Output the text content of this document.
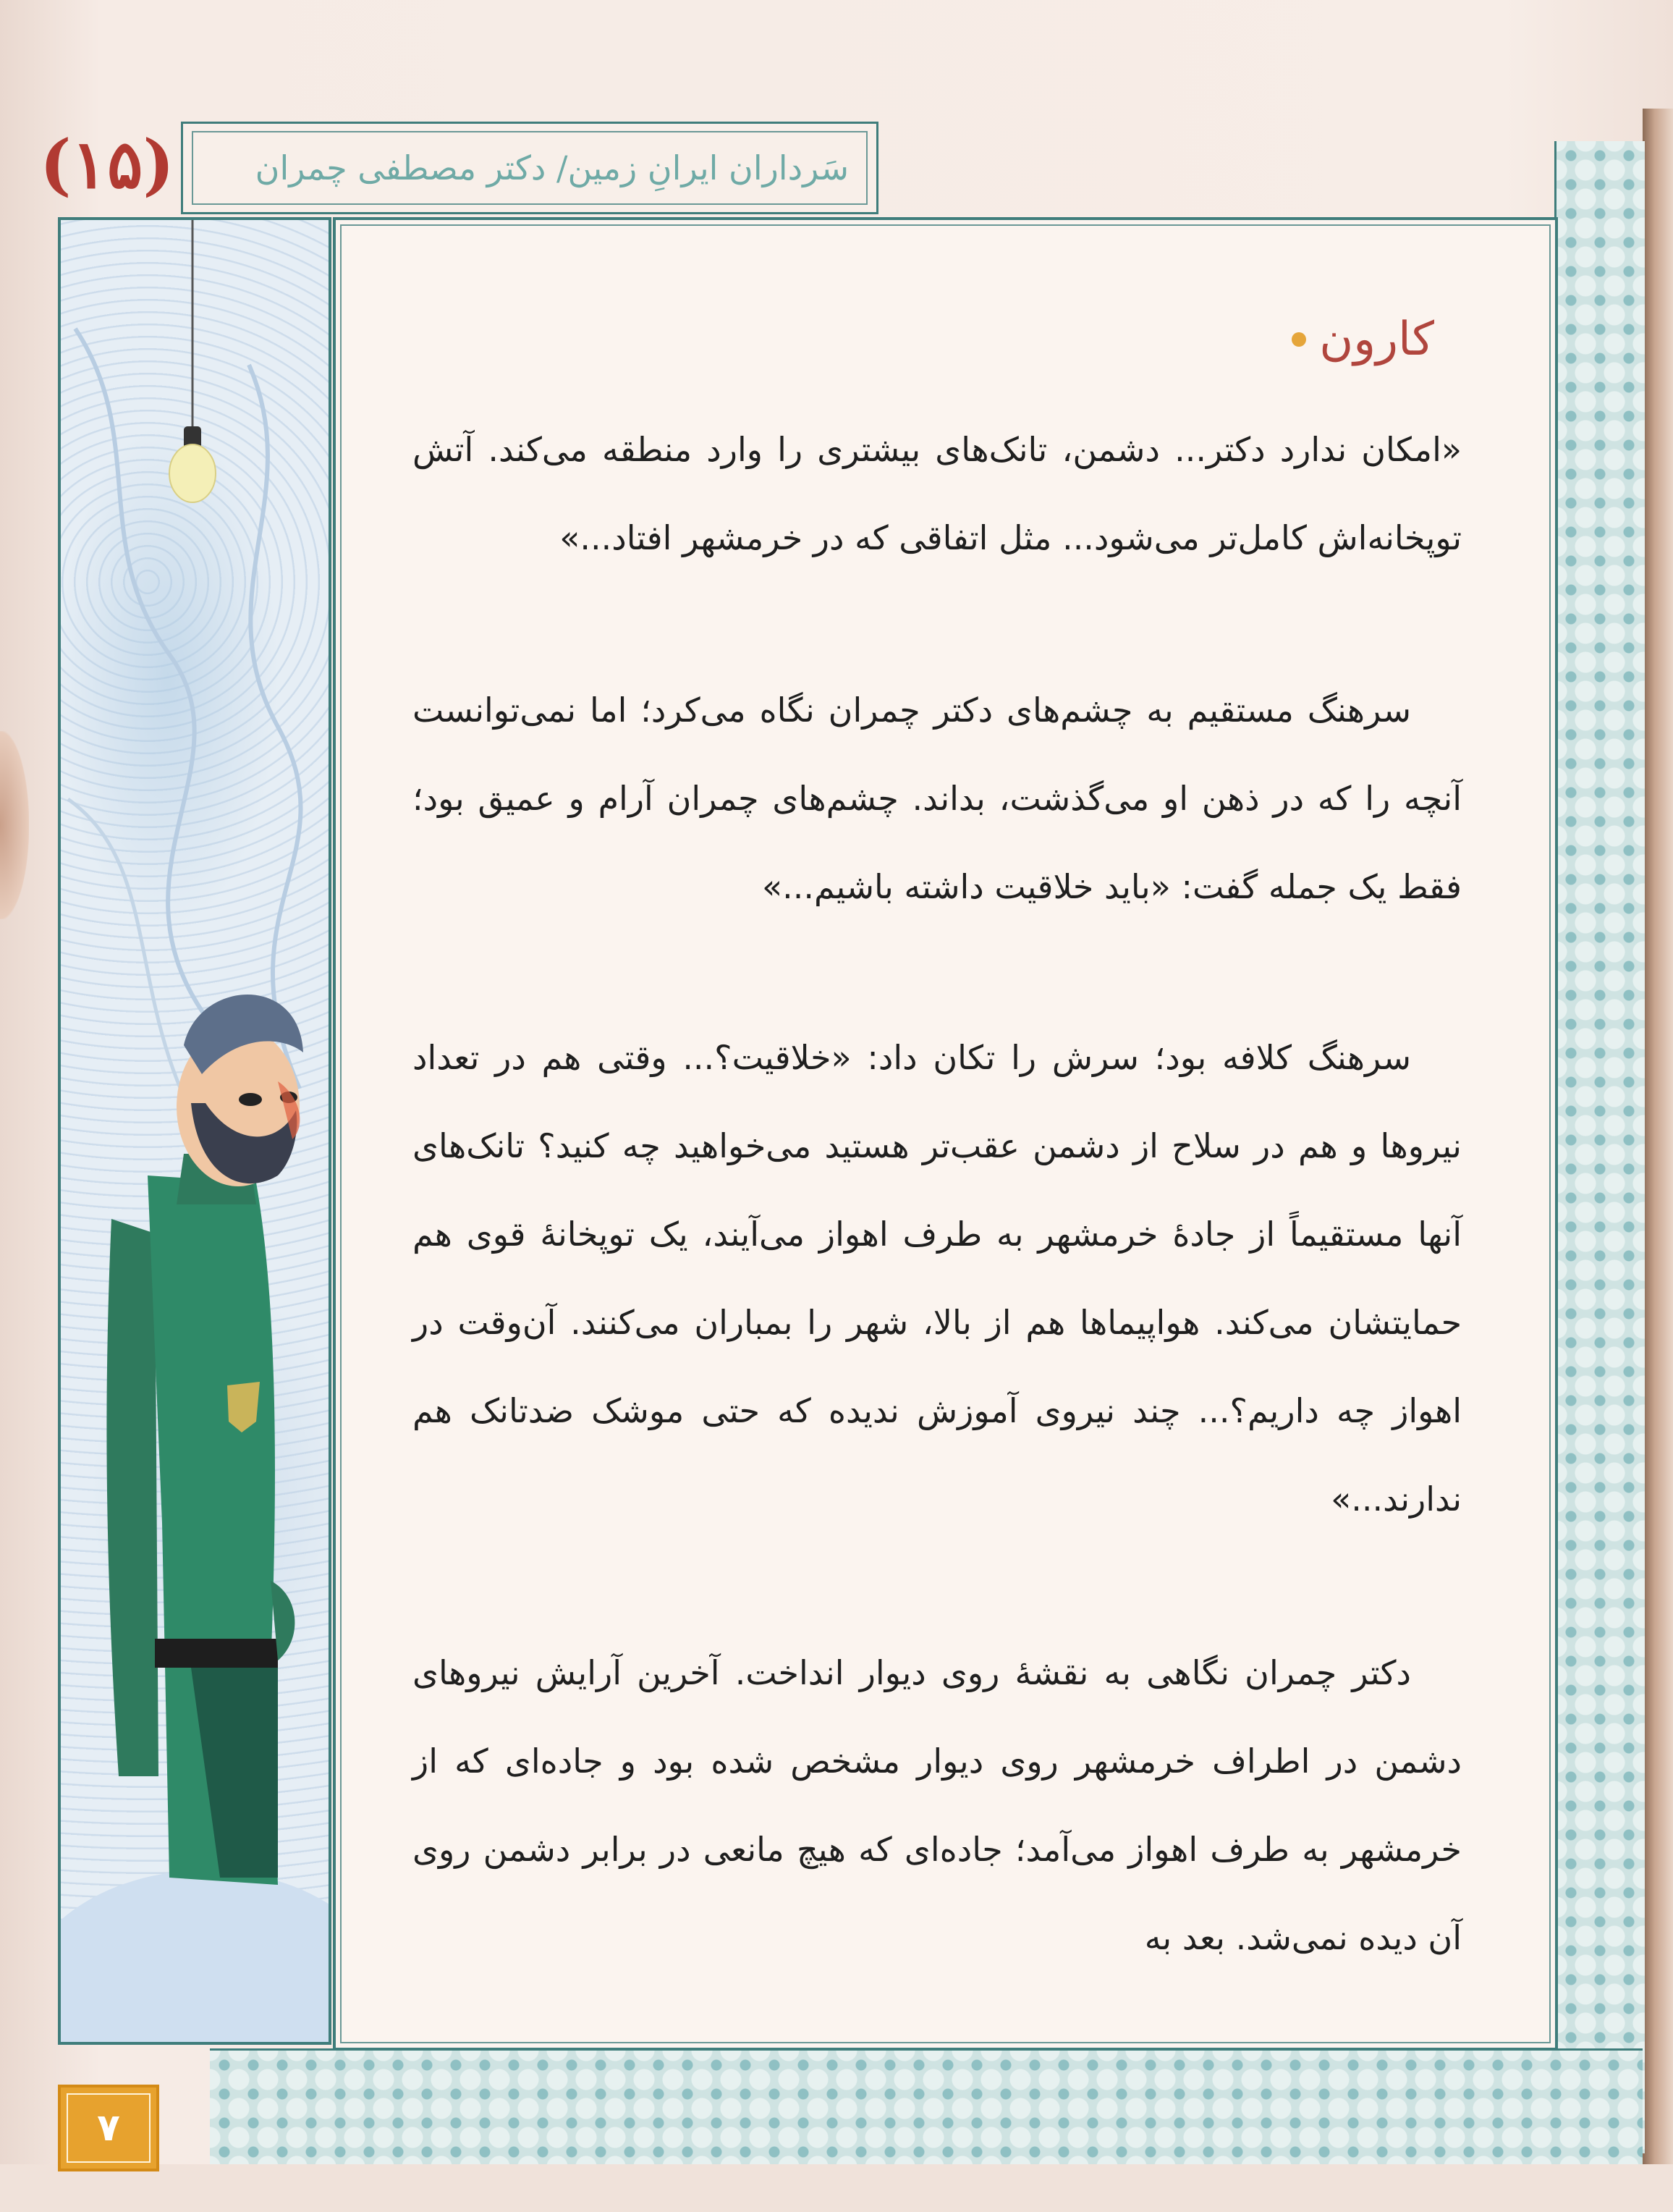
(۱۵) سَرداران ایرانِ زمین/ دکتر مصطفی چمران
کارون

«امکان ندارد دکتر... دشمن، تانک‌های بیشتری را وارد منطقه می‌کند. آتش توپخانه‌اش کامل‌تر می‌شود... مثل اتفاقی که در خرمشهر افتاد...»

سرهنگ مستقیم به چشم‌های دکتر چمران نگاه می‌کرد؛ اما نمی‌توانست آنچه را که در ذهن او می‌گذشت، بداند. چشم‌های چمران آرام و عمیق بود؛ فقط یک جمله گفت: «باید خلاقیت داشته باشیم...»

سرهنگ کلافه بود؛ سرش را تکان داد: «خلاقیت؟... وقتی هم در تعداد نیروها و هم در سلاح از دشمن عقب‌تر هستید می‌خواهید چه کنید؟ تانک‌های آنها مستقیماً از جادهٔ خرمشهر به طرف اهواز می‌آیند، یک توپخانهٔ قوی هم حمایتشان می‌کند. هواپیماها هم از بالا، شهر را بمباران می‌کنند. آن‌وقت در اهواز چه داریم؟... چند نیروی آموزش ندیده که حتی موشک ضدتانک هم ندارند...»

دکتر چمران نگاهی به نقشهٔ روی دیوار انداخت. آخرین آرایش نیروهای دشمن در اطراف خرمشهر روی دیوار مشخص شده بود و جاده‌ای که از خرمشهر به طرف اهواز می‌آمد؛ جاده‌ای که هیچ مانعی در برابر دشمن روی آن دیده نمی‌شد. بعد به

۷
